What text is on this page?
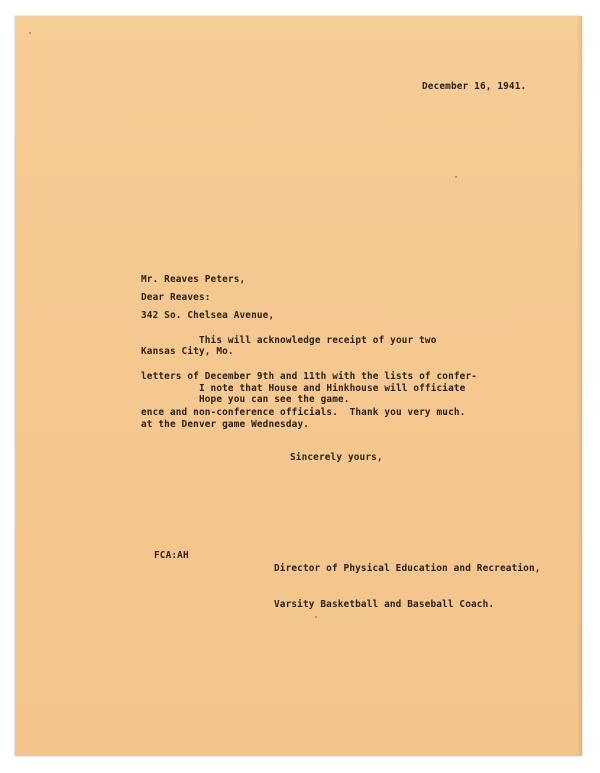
December 16, 1941.

Mr. Reaves Peters,

342 So. Chelsea Avenue,

Kansas City, Mo.

Dear Reaves:

This will acknowledge receipt of your two

letters of December 9th and 11th with the lists of confer-

ence and non-conference officials.  Thank you very much.

I note that House and Hinkhouse will officiate

at the Denver game Wednesday.

Hope you can see the game.
Sincerely yours,

Director of Physical Education and Recreation,

Varsity Basketball and Baseball Coach.

FCA:AH
